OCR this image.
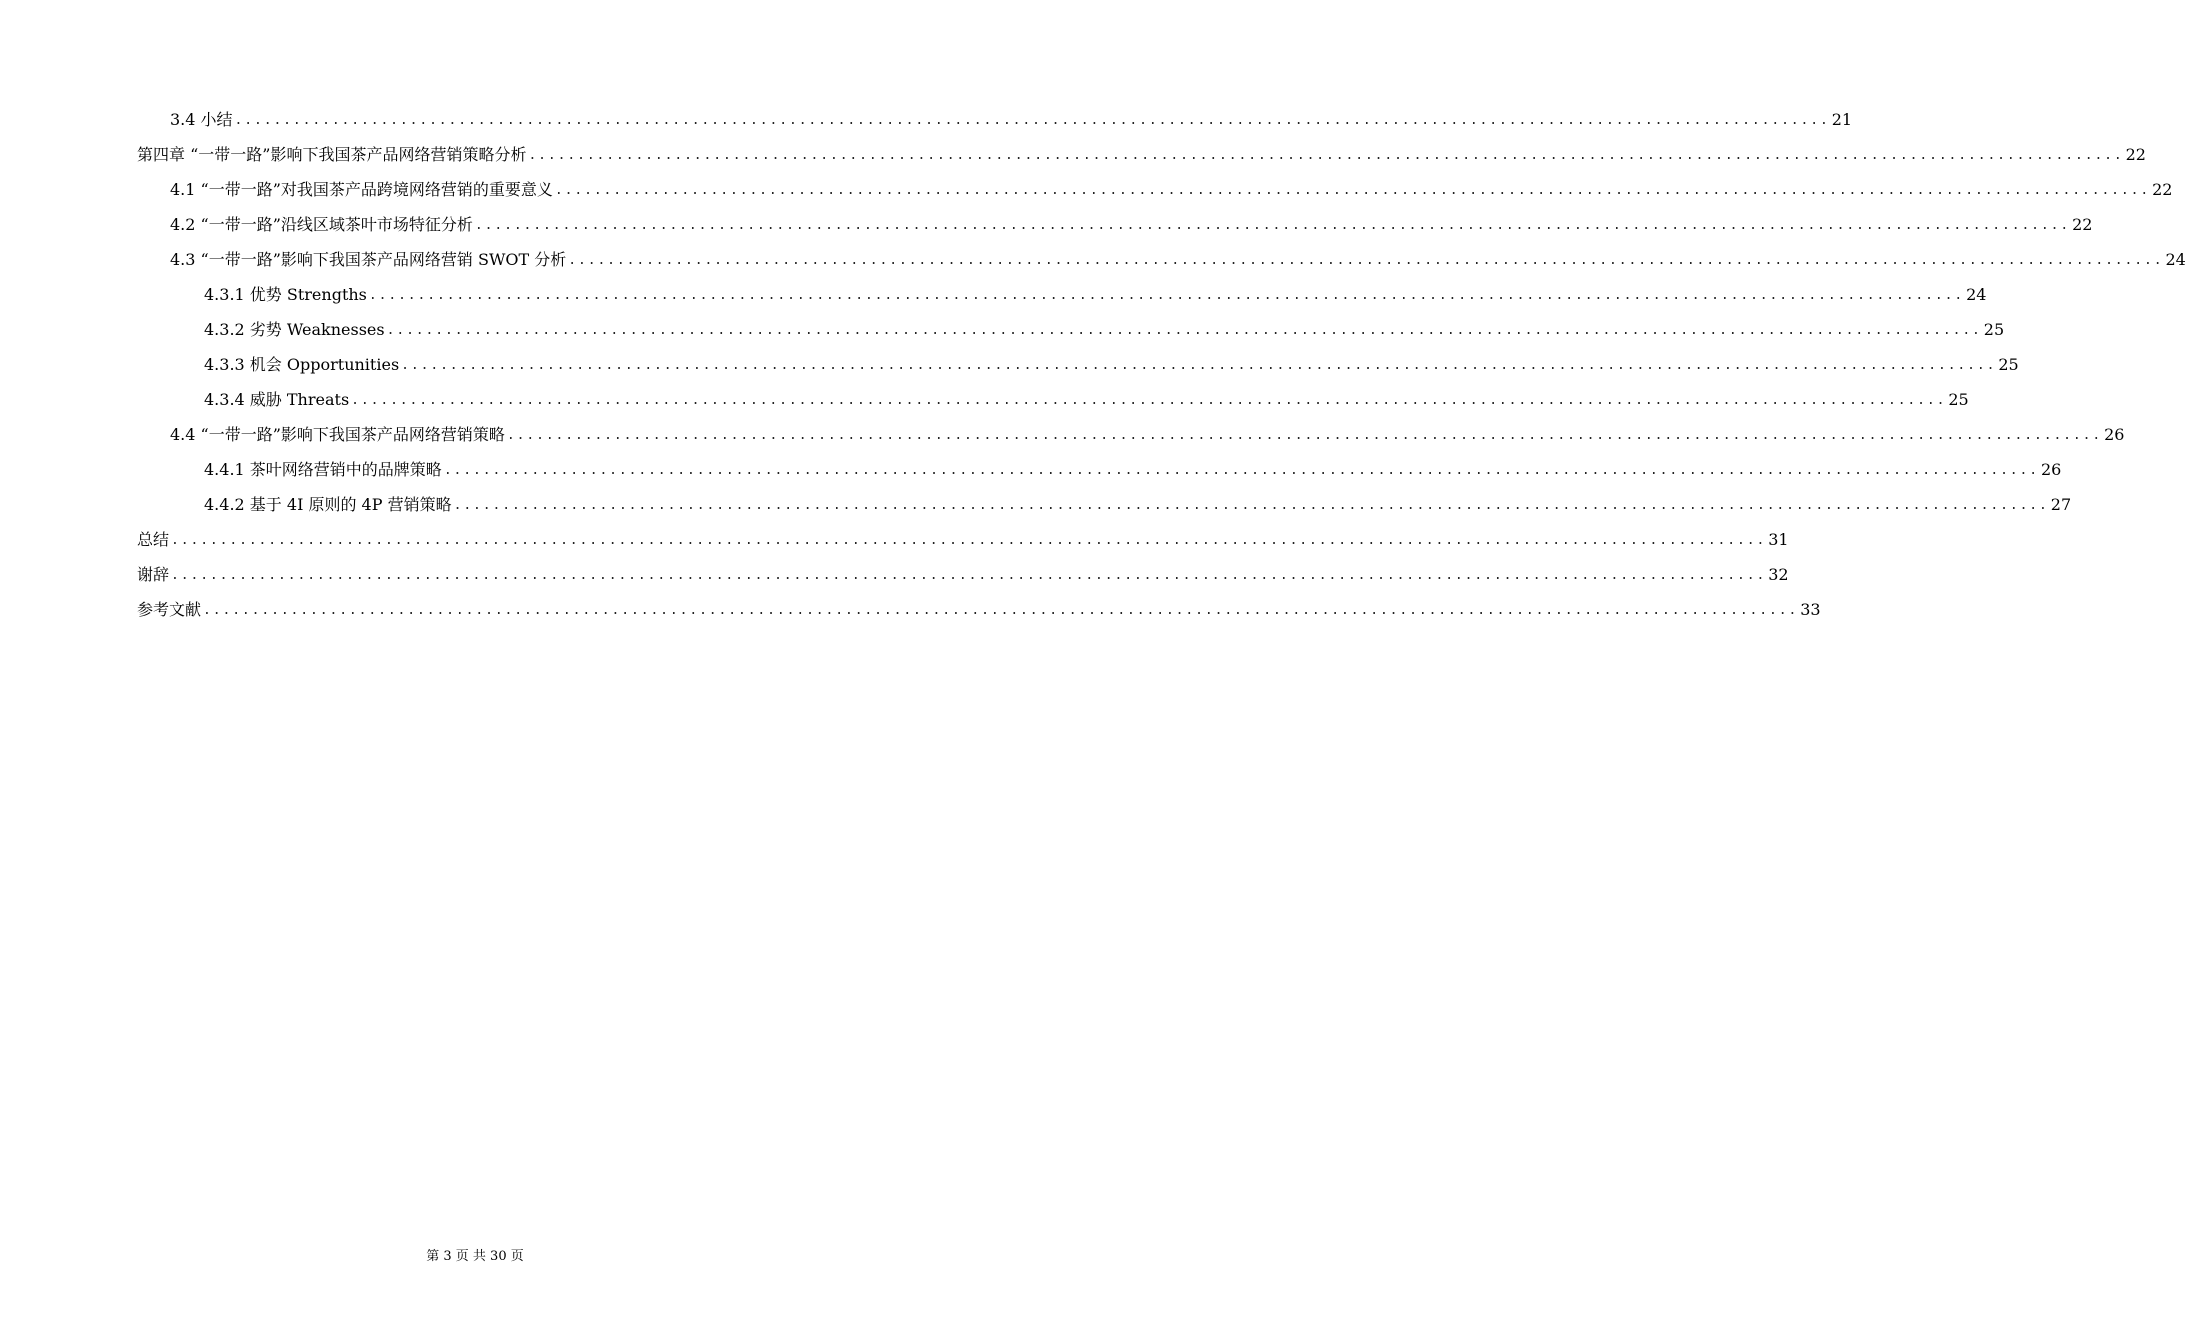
3.4 小结 .................................................................................................................................................................... 21
第四章 “一带一路”影响下我国茶产品网络营销策略分析 .................................................................................................................................................................... 22
4.1 “一带一路”对我国茶产品跨境网络营销的重要意义 .................................................................................................................................................................... 22
4.2 “一带一路”沿线区域茶叶市场特征分析 .................................................................................................................................................................... 22
4.3 “一带一路”影响下我国茶产品网络营销 SWOT 分析 .................................................................................................................................................................... 24
4.3.1 优势 Strengths .................................................................................................................................................................... 24
4.3.2 劣势 Weaknesses .................................................................................................................................................................... 25
4.3.3 机会 Opportunities .................................................................................................................................................................... 25
4.3.4 威胁 Threats .................................................................................................................................................................... 25
4.4 “一带一路”影响下我国茶产品网络营销策略 .................................................................................................................................................................... 26
4.4.1 茶叶网络营销中的品牌策略 .................................................................................................................................................................... 26
4.4.2 基于 4I 原则的 4P 营销策略 .................................................................................................................................................................... 27
总结 .................................................................................................................................................................... 31
谢辞 .................................................................................................................................................................... 32
参考文献 .................................................................................................................................................................... 33
第 3 页 共 30 页
